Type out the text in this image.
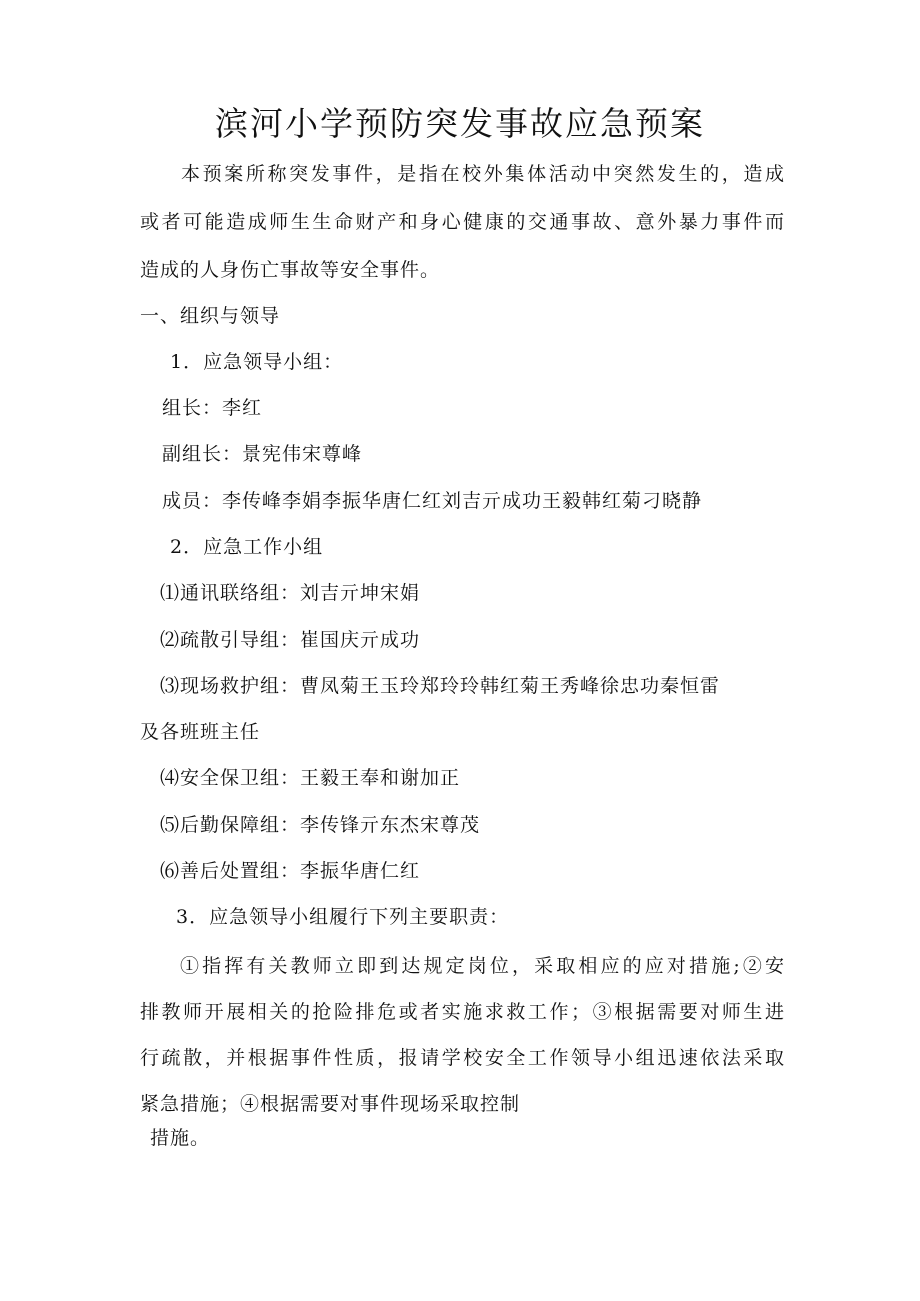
滨河小学预防突发事故应急预案
本预案所称突发事件，是指在校外集体活动中突然发生的，造成
或者可能造成师生生命财产和身心健康的交通事故、意外暴力事件而
造成的人身伤亡事故等安全事件。
一、组织与领导
1．应急领导小组：
组长：李红
副组长：景宪伟宋尊峰
成员：李传峰李娟李振华唐仁红刘吉亓成功王毅韩红菊刁晓静
2．应急工作小组
⑴通讯联络组：刘吉亓坤宋娟
⑵疏散引导组：崔国庆亓成功
⑶现场救护组：曹凤菊王玉玲郑玲玲韩红菊王秀峰徐忠功秦恒雷
及各班班主任
⑷安全保卫组：王毅王奉和谢加正
⑸后勤保障组：李传锋亓东杰宋尊茂
⑹善后处置组：李振华唐仁红
3．应急领导小组履行下列主要职责：
①指挥有关教师立即到达规定岗位，采取相应的应对措施;②安
排教师开展相关的抢险排危或者实施求救工作；③根据需要对师生进
行疏散，并根据事件性质，报请学校安全工作领导小组迅速依法采取
紧急措施；④根据需要对事件现场采取控制
措施。
